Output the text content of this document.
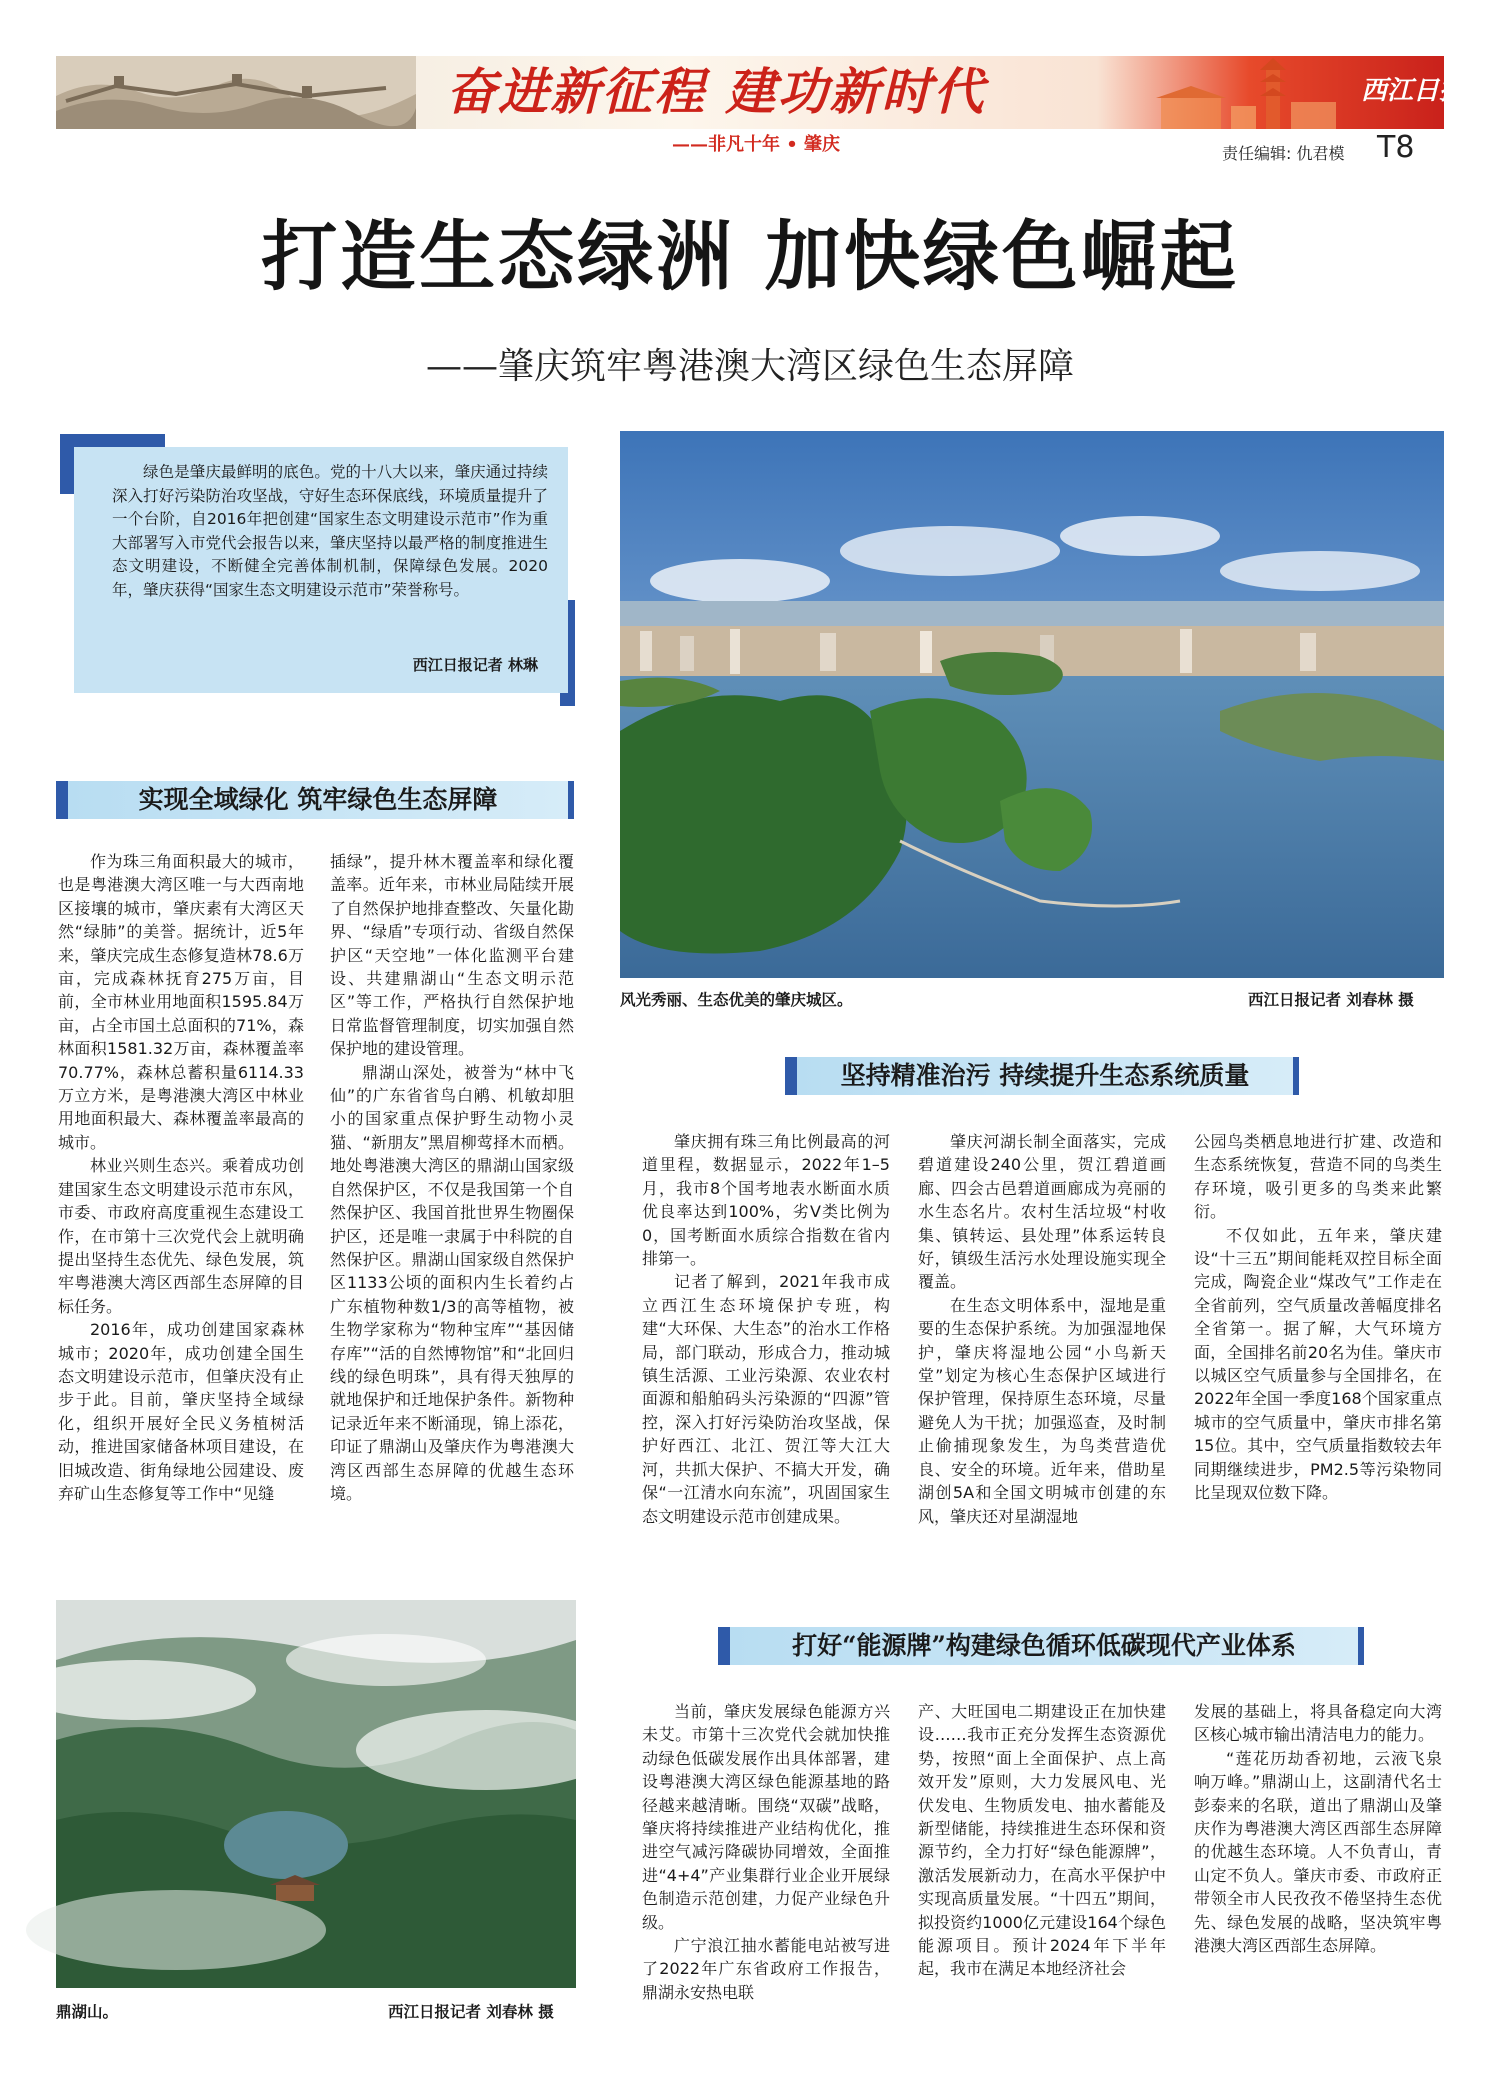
奋进新征程 建功新时代	西江日报
——非凡十年 • 肇庆	责任编辑: 仇君模 T8
打造生态绿洲 加快绿色崛起
——肇庆筑牢粤港澳大湾区绿色生态屏障

绿色是肇庆最鲜明的底色。党的十八大以来，肇庆通过持续深入打好污染防治攻坚战，守好生态环保底线，环境质量提升了一个台阶，自2016年把创建“国家生态文明建设示范市”作为重大部署写入市党代会报告以来，肇庆坚持以最严格的制度推进生态文明建设，不断健全完善体制机制，保障绿色发展。2020年，肇庆获得“国家生态文明建设示范市”荣誉称号。

西江日报记者 林琳
实现全域绿化 筑牢绿色生态屏障

作为珠三角面积最大的城市，也是粤港澳大湾区唯一与大西南地区接壤的城市，肇庆素有大湾区天然“绿肺”的美誉。据统计，近5年来，肇庆完成生态修复造林78.6万亩，完成森林抚育275万亩，目前，全市林业用地面积1595.84万亩，占全市国土总面积的71%，森林面积1581.32万亩，森林覆盖率70.77%，森林总蓄积量6114.33万立方米，是粤港澳大湾区中林业用地面积最大、森林覆盖率最高的城市。

林业兴则生态兴。乘着成功创建国家生态文明建设示范市东风，市委、市政府高度重视生态建设工作，在市第十三次党代会上就明确提出坚持生态优先、绿色发展，筑牢粤港澳大湾区西部生态屏障的目标任务。

2016年，成功创建国家森林城市；2020年，成功创建全国生态文明建设示范市，但肇庆没有止步于此。目前，肇庆坚持全域绿化，组织开展好全民义务植树活动，推进国家储备林项目建设，在旧城改造、街角绿地公园建设、废弃矿山生态修复等工作中“见缝

插绿”，提升林木覆盖率和绿化覆盖率。近年来，市林业局陆续开展了自然保护地排查整改、矢量化勘界、“绿盾”专项行动、省级自然保护区“天空地”一体化监测平台建设、共建鼎湖山“生态文明示范区”等工作，严格执行自然保护地日常监督管理制度，切实加强自然保护地的建设管理。

鼎湖山深处，被誉为“林中飞仙”的广东省省鸟白鹇、机敏却胆小的国家重点保护野生动物小灵猫、“新朋友”黑眉柳莺择木而栖。地处粤港澳大湾区的鼎湖山国家级自然保护区，不仅是我国第一个自然保护区、我国首批世界生物圈保护区，还是唯一隶属于中科院的自然保护区。鼎湖山国家级自然保护区1133公顷的面积内生长着约占广东植物种数1/3的高等植物，被生物学家称为“物种宝库”“基因储存库”“活的自然博物馆”和“北回归线的绿色明珠”，具有得天独厚的就地保护和迁地保护条件。新物种记录近年来不断涌现，锦上添花，印证了鼎湖山及肇庆作为粤港澳大湾区西部生态屏障的优越生态环境。

风光秀丽、生态优美的肇庆城区。	西江日报记者 刘春林 摄
坚持精准治污 持续提升生态系统质量

肇庆拥有珠三角比例最高的河道里程，数据显示，2022年1–5月，我市8个国考地表水断面水质优良率达到100%，劣V类比例为0，国考断面水质综合指数在省内排第一。

记者了解到，2021年我市成立西江生态环境保护专班，构建“大环保、大生态”的治水工作格局，部门联动，形成合力，推动城镇生活源、工业污染源、农业农村面源和船舶码头污染源的“四源”管控，深入打好污染防治攻坚战，保护好西江、北江、贺江等大江大河，共抓大保护、不搞大开发，确保“一江清水向东流”，巩固国家生态文明建设示范市创建成果。

肇庆河湖长制全面落实，完成碧道建设240公里，贺江碧道画廊、四会古邑碧道画廊成为亮丽的水生态名片。农村生活垃圾“村收集、镇转运、县处理”体系运转良好，镇级生活污水处理设施实现全覆盖。

在生态文明体系中，湿地是重要的生态保护系统。为加强湿地保护，肇庆将湿地公园“小鸟新天堂”划定为核心生态保护区域进行保护管理，保持原生态环境，尽量避免人为干扰；加强巡查，及时制止偷捕现象发生，为鸟类营造优良、安全的环境。近年来，借助星湖创5A和全国文明城市创建的东风，肇庆还对星湖湿地

公园鸟类栖息地进行扩建、改造和生态系统恢复，营造不同的鸟类生存环境，吸引更多的鸟类来此繁衍。

不仅如此，五年来，肇庆建设“十三五”期间能耗双控目标全面完成，陶瓷企业“煤改气”工作走在全省前列，空气质量改善幅度排名全省第一。据了解，大气环境方面，全国排名前20名为佳。肇庆市以城区空气质量参与全国排名，在2022年全国一季度168个国家重点城市的空气质量中，肇庆市排名第15位。其中，空气质量指数较去年同期继续进步，PM2.5等污染物同比呈现双位数下降。

鼎湖山。	西江日报记者 刘春林 摄
打好“能源牌”构建绿色循环低碳现代产业体系

当前，肇庆发展绿色能源方兴未艾。市第十三次党代会就加快推动绿色低碳发展作出具体部署，建设粤港澳大湾区绿色能源基地的路径越来越清晰。围绕“双碳”战略，肇庆将持续推进产业结构优化，推进空气减污降碳协同增效，全面推进“4+4”产业集群行业企业开展绿色制造示范创建，力促产业绿色升级。

广宁浪江抽水蓄能电站被写进了2022年广东省政府工作报告，鼎湖永安热电联

产、大旺国电二期建设正在加快建设……我市正充分发挥生态资源优势，按照“面上全面保护、点上高效开发”原则，大力发展风电、光伏发电、生物质发电、抽水蓄能及新型储能，持续推进生态环保和资源节约，全力打好“绿色能源牌”，激活发展新动力，在高水平保护中实现高质量发展。“十四五”期间，拟投资约1000亿元建设164个绿色能源项目。预计2024年下半年起，我市在满足本地经济社会

发展的基础上，将具备稳定向大湾区核心城市输出清洁电力的能力。

“莲花历劫香初地，云液飞泉响万峰。”鼎湖山上，这副清代名士彭泰来的名联，道出了鼎湖山及肇庆作为粤港澳大湾区西部生态屏障的优越生态环境。人不负青山，青山定不负人。肇庆市委、市政府正带领全市人民孜孜不倦坚持生态优先、绿色发展的战略，坚决筑牢粤港澳大湾区西部生态屏障。
